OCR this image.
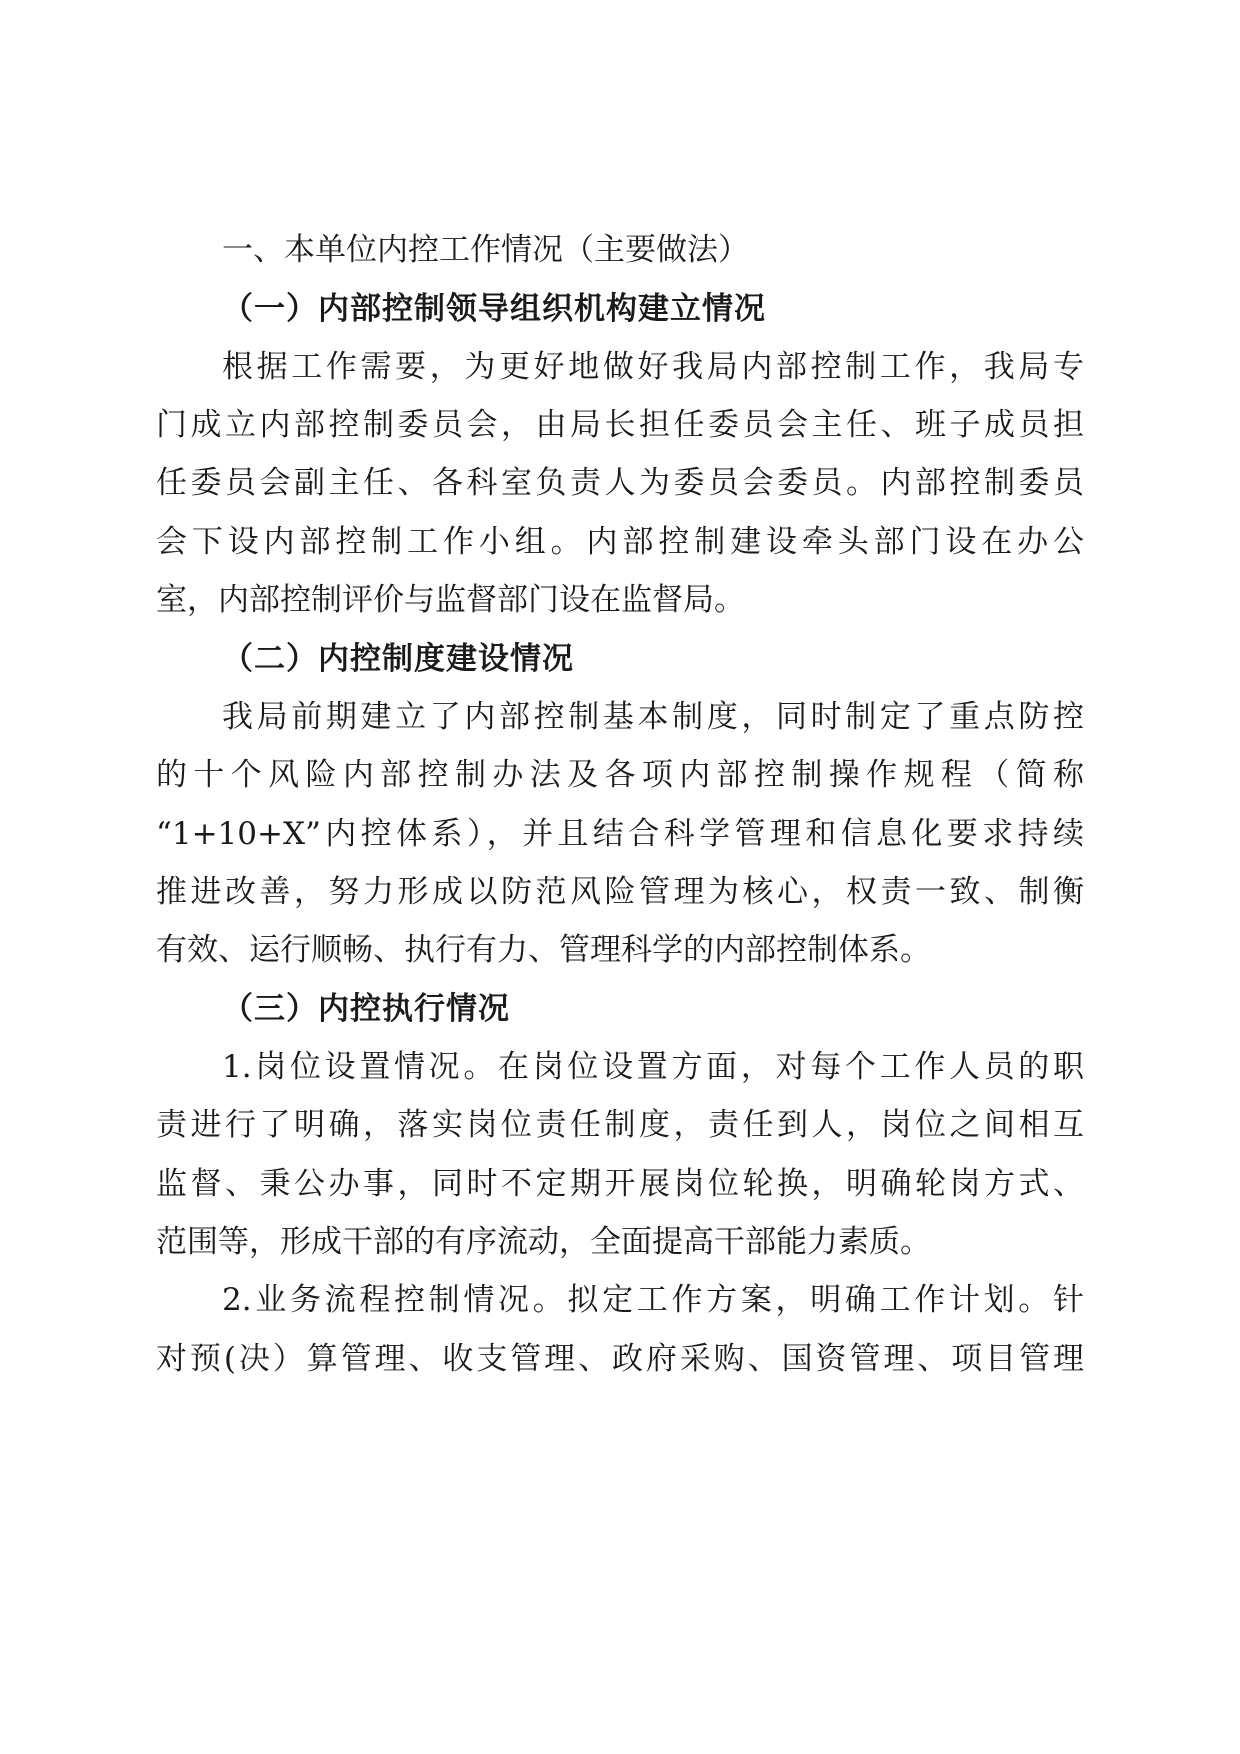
一、本单位内控工作情况（主要做法）
（一）内部控制领导组织机构建立情况
根据工作需要，为更好地做好我局内部控制工作，我局专
门成立内部控制委员会，由局长担任委员会主任、班子成员担
任委员会副主任、各科室负责人为委员会委员。内部控制委员
会下设内部控制工作小组。内部控制建设牵头部门设在办公
室，内部控制评价与监督部门设在监督局。
（二）内控制度建设情况
我局前期建立了内部控制基本制度，同时制定了重点防控
的十个风险内部控制办法及各项内部控制操作规程（简称
“1+10+X”内控体系），并且结合科学管理和信息化要求持续
推进改善，努力形成以防范风险管理为核心，权责一致、制衡
有效、运行顺畅、执行有力、管理科学的内部控制体系。
（三）内控执行情况
1.岗位设置情况。在岗位设置方面，对每个工作人员的职
责进行了明确，落实岗位责任制度，责任到人，岗位之间相互
监督、秉公办事，同时不定期开展岗位轮换，明确轮岗方式、
范围等，形成干部的有序流动，全面提高干部能力素质。
2.业务流程控制情况。拟定工作方案，明确工作计划。针
对预(决）算管理、收支管理、政府采购、国资管理、项目管理
